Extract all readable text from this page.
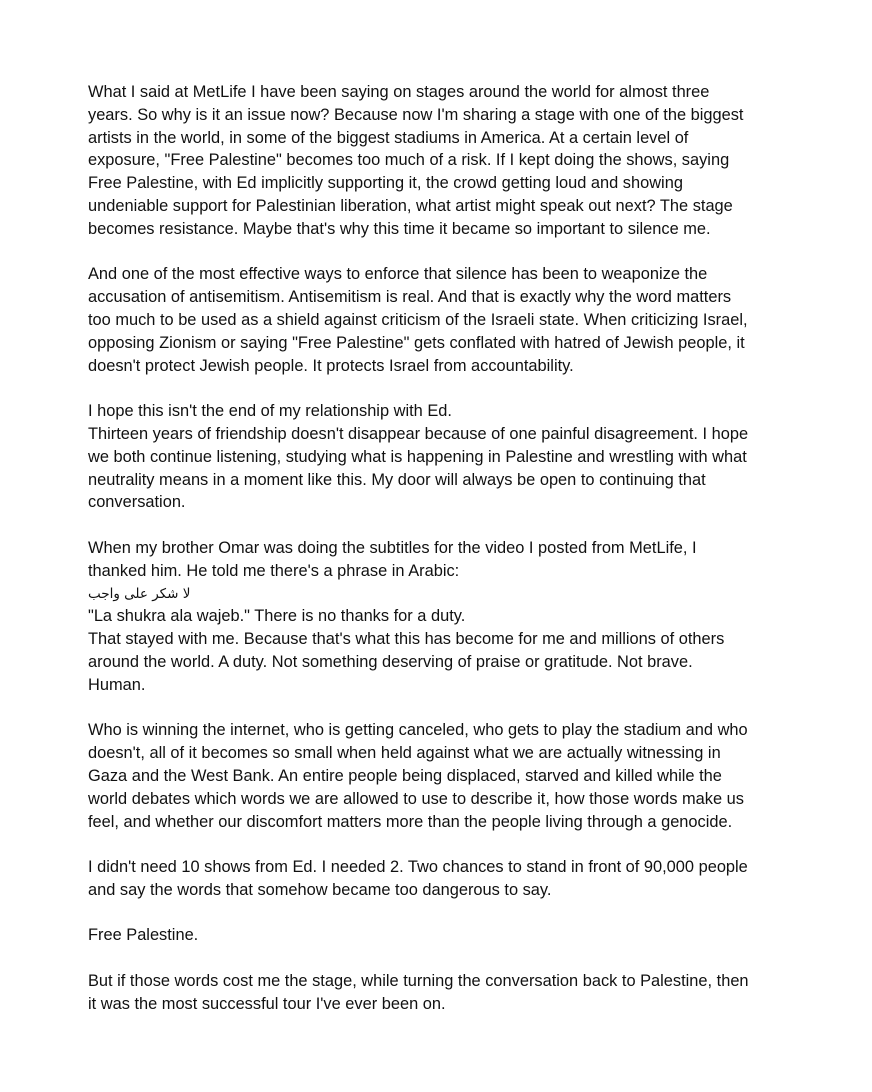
What I said at MetLife I have been saying on stages around the world for almost three
years. So why is it an issue now? Because now I'm sharing a stage with one of the biggest
artists in the world, in some of the biggest stadiums in America. At a certain level of
exposure, "Free Palestine" becomes too much of a risk. If I kept doing the shows, saying
Free Palestine, with Ed implicitly supporting it, the crowd getting loud and showing
undeniable support for Palestinian liberation, what artist might speak out next? The stage
becomes resistance. Maybe that's why this time it became so important to silence me.

And one of the most effective ways to enforce that silence has been to weaponize the
accusation of antisemitism. Antisemitism is real. And that is exactly why the word matters
too much to be used as a shield against criticism of the Israeli state. When criticizing Israel,
opposing Zionism or saying "Free Palestine" gets conflated with hatred of Jewish people, it
doesn't protect Jewish people. It protects Israel from accountability.

I hope this isn't the end of my relationship with Ed.
Thirteen years of friendship doesn't disappear because of one painful disagreement. I hope
we both continue listening, studying what is happening in Palestine and wrestling with what
neutrality means in a moment like this. My door will always be open to continuing that
conversation.

When my brother Omar was doing the subtitles for the video I posted from MetLife, I
thanked him. He told me there's a phrase in Arabic:
لا شكر على واجب
"La shukra ala wajeb." There is no thanks for a duty.
That stayed with me. Because that's what this has become for me and millions of others
around the world. A duty. Not something deserving of praise or gratitude. Not brave.
Human.

Who is winning the internet, who is getting canceled, who gets to play the stadium and who
doesn't, all of it becomes so small when held against what we are actually witnessing in
Gaza and the West Bank. An entire people being displaced, starved and killed while the
world debates which words we are allowed to use to describe it, how those words make us
feel, and whether our discomfort matters more than the people living through a genocide.

I didn't need 10 shows from Ed. I needed 2. Two chances to stand in front of 90,000 people
and say the words that somehow became too dangerous to say.

Free Palestine.

But if those words cost me the stage, while turning the conversation back to Palestine, then
it was the most successful tour I've ever been on.
